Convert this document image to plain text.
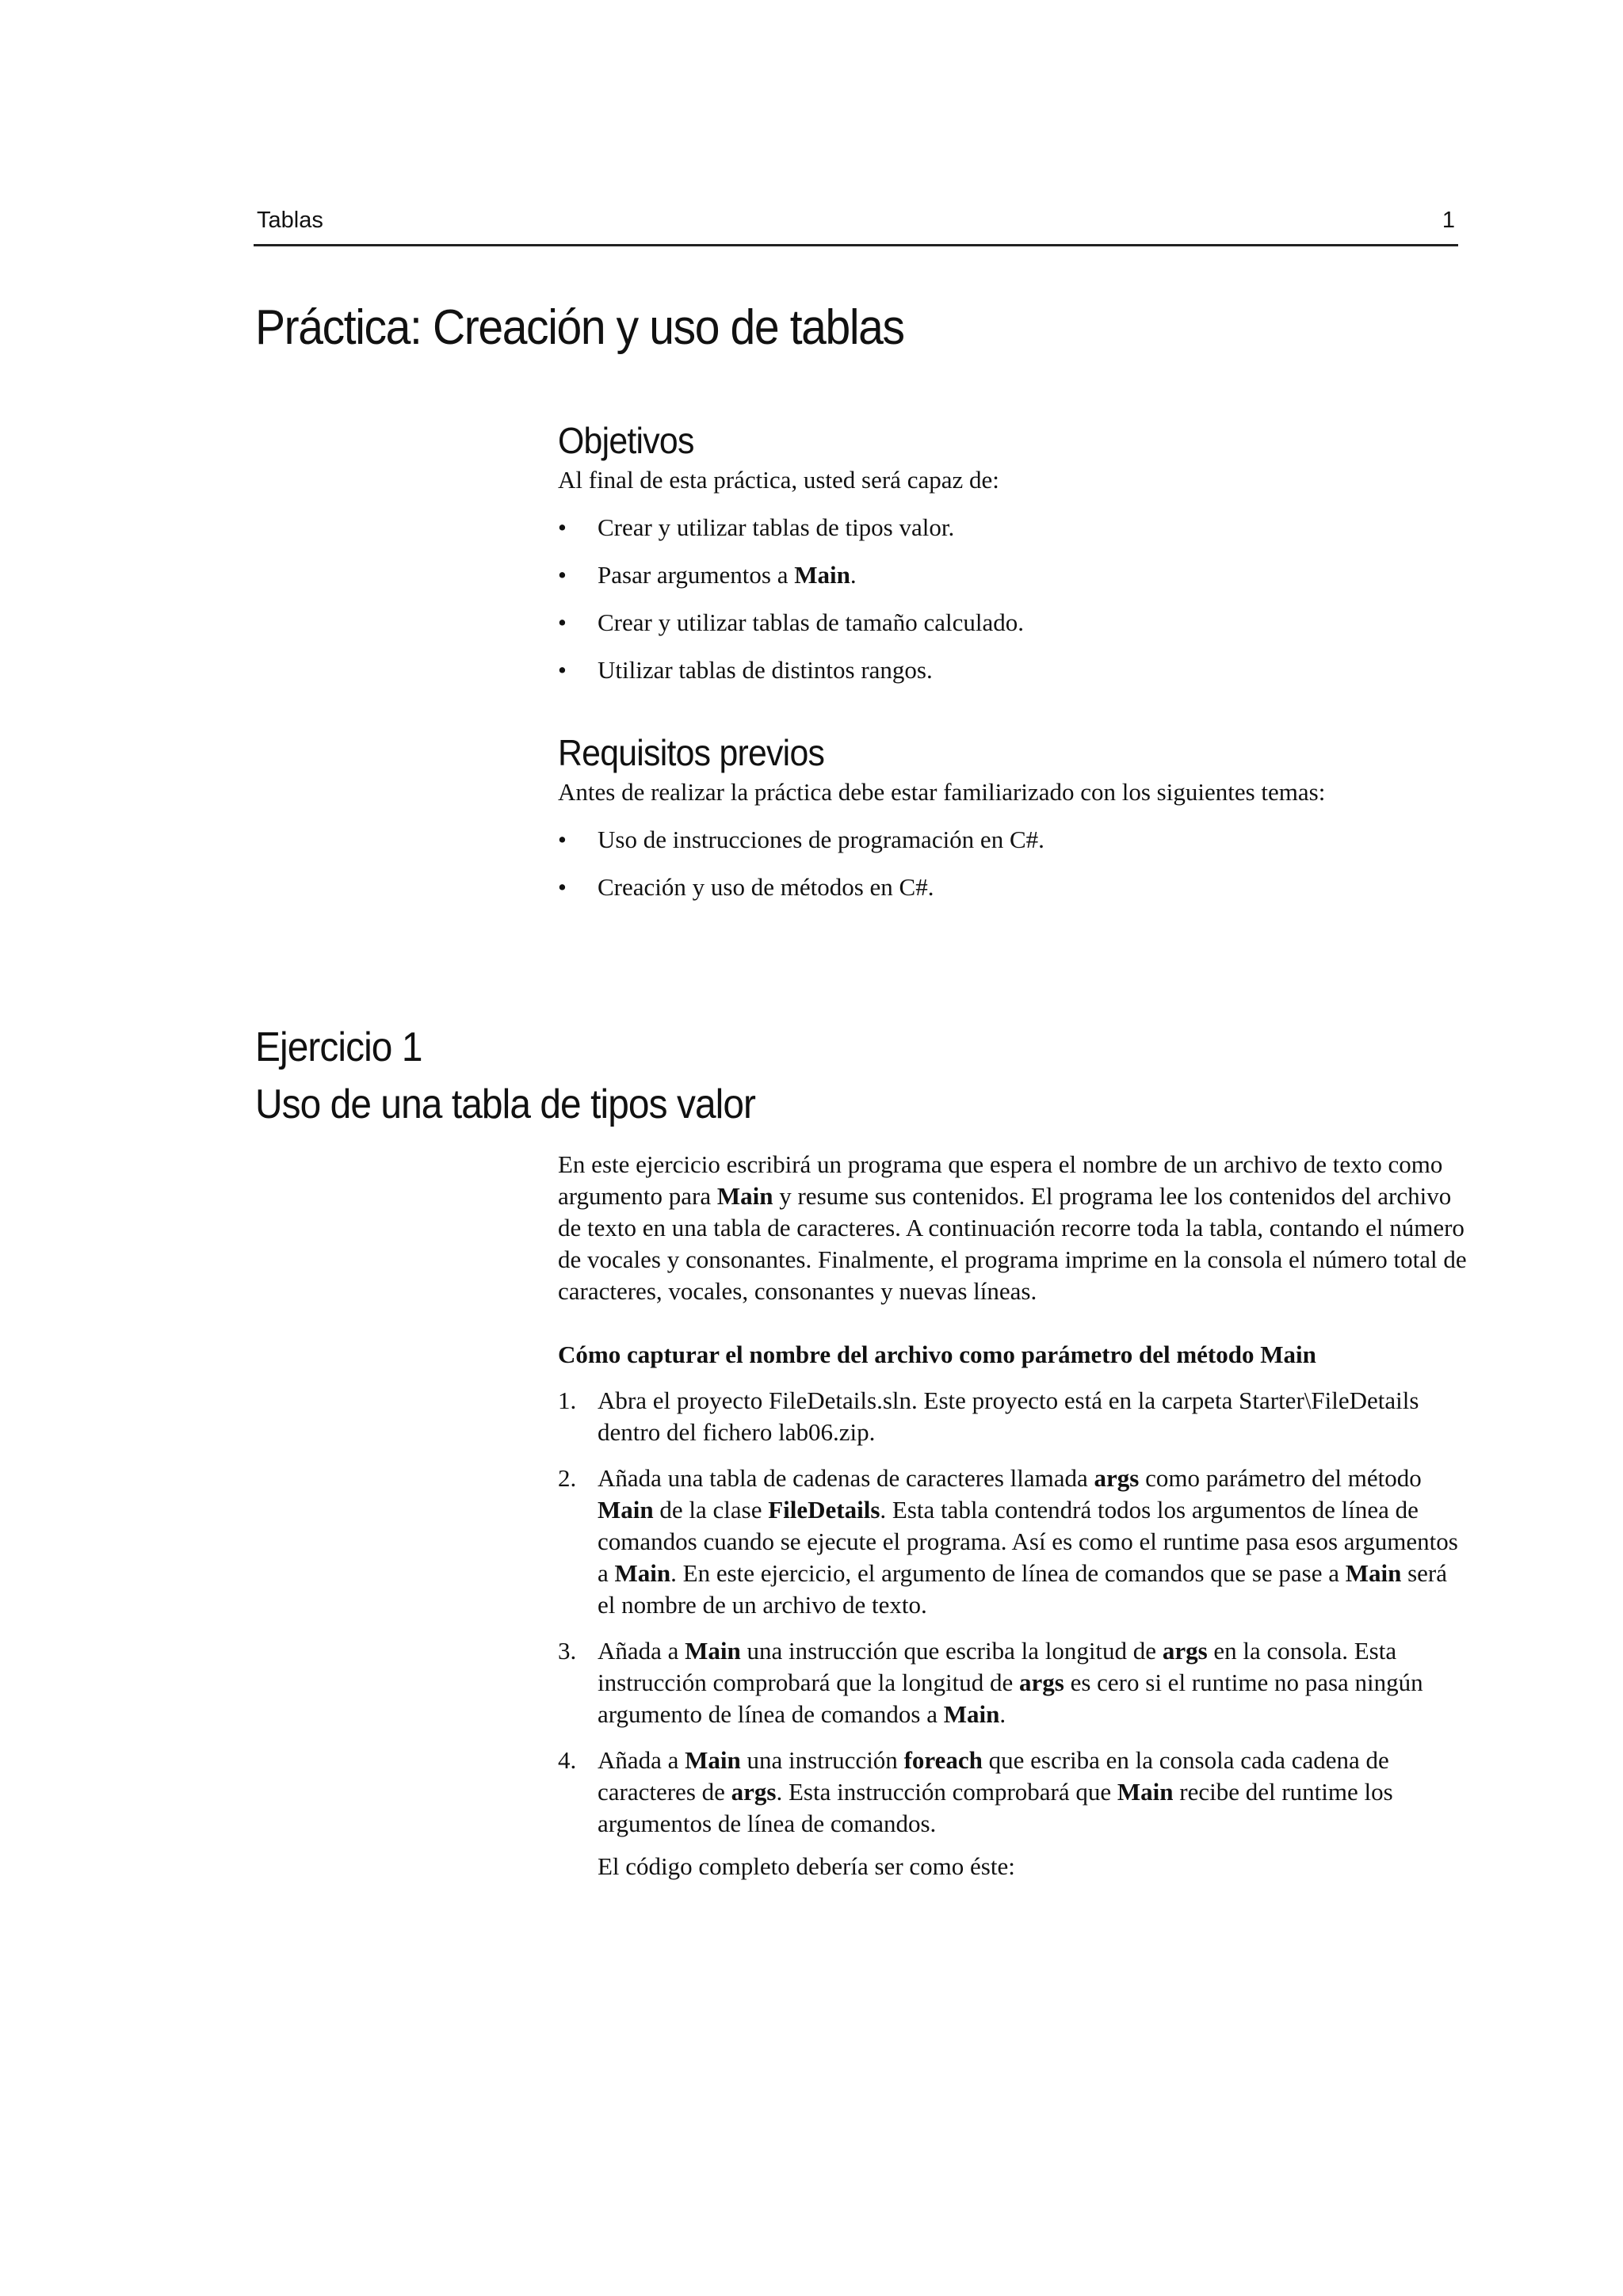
Tablas	1
Práctica: Creación y uso de tablas
Objetivos

Al final de esta práctica, usted será capaz de:

• Crear y utilizar tablas de tipos valor.
• Pasar argumentos a Main.
• Crear y utilizar tablas de tamaño calculado.
• Utilizar tablas de distintos rangos.
Requisitos previos

Antes de realizar la práctica debe estar familiarizado con los siguientes temas:

• Uso de instrucciones de programación en C#.
• Creación y uso de métodos en C#.
Ejercicio 1
Uso de una tabla de tipos valor

En este ejercicio escribirá un programa que espera el nombre de un archivo de texto como argumento para Main y resume sus contenidos. El programa lee los contenidos del archivo de texto en una tabla de caracteres. A continuación recorre toda la tabla, contando el número de vocales y consonantes. Finalmente, el programa imprime en la consola el número total de caracteres, vocales, consonantes y nuevas líneas.

Cómo capturar el nombre del archivo como parámetro del método Main

1. Abra el proyecto FileDetails.sln. Este proyecto está en la carpeta Starter\FileDetails dentro del fichero lab06.zip.
2. Añada una tabla de cadenas de caracteres llamada args como parámetro del método Main de la clase FileDetails. Esta tabla contendrá todos los argumentos de línea de comandos cuando se ejecute el programa. Así es como el runtime pasa esos argumentos a Main. En este ejercicio, el argumento de línea de comandos que se pase a Main será el nombre de un archivo de texto.
3. Añada a Main una instrucción que escriba la longitud de args en la consola. Esta instrucción comprobará que la longitud de args es cero si el runtime no pasa ningún argumento de línea de comandos a Main.
4. Añada a Main una instrucción foreach que escriba en la consola cada cadena de caracteres de args. Esta instrucción comprobará que Main recibe del runtime los argumentos de línea de comandos.
El código completo debería ser como éste:
